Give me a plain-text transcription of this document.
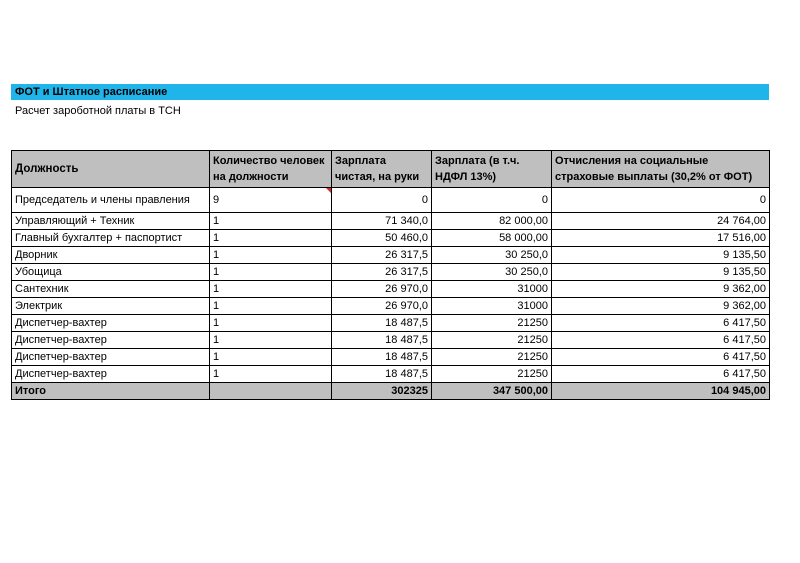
ФОТ и Штатное расписание
Расчет зароботной платы в ТСН
Должность	Количество человек на должности	Зарплата чистая, на руки	Зарплата (в т.ч. НДФЛ 13%)	Отчисления на социальные страховые выплаты (30,2% от ФОТ)
Председатель и члены правления	9	0	0	0
Управляющий + Техник	1	71 340,0	82 000,00	24 764,00
Главный бухгалтер + паспортист	1	50 460,0	58 000,00	17 516,00
Дворник	1	26 317,5	30 250,0	9 135,50
Убощица	1	26 317,5	30 250,0	9 135,50
Сантехник	1	26 970,0	31000	9 362,00
Электрик	1	26 970,0	31000	9 362,00
Диспетчер-вахтер	1	18 487,5	21250	6 417,50
Диспетчер-вахтер	1	18 487,5	21250	6 417,50
Диспетчер-вахтер	1	18 487,5	21250	6 417,50
Диспетчер-вахтер	1	18 487,5	21250	6 417,50
Итого		302325	347 500,00	104 945,00
